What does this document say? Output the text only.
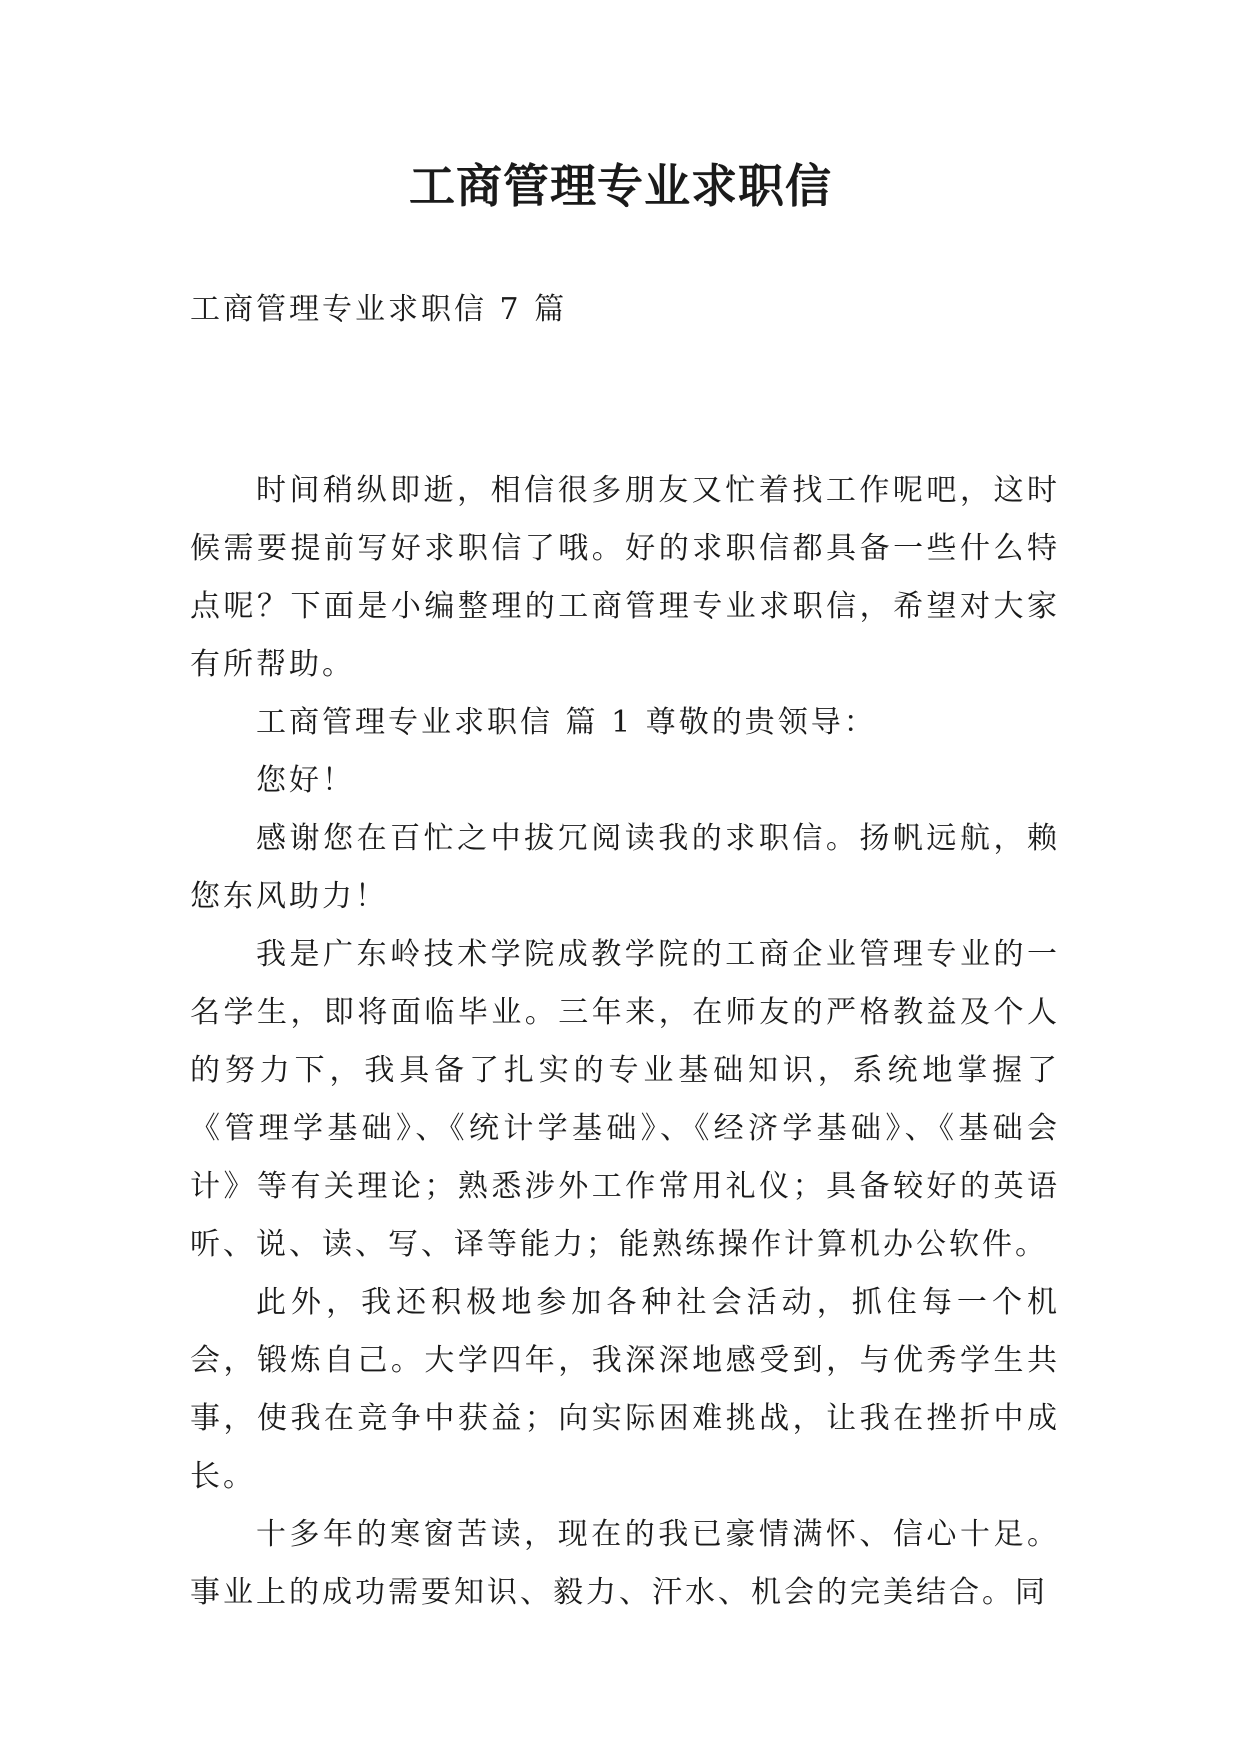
工商管理专业求职信

工商管理专业求职信 7 篇

时间稍纵即逝，相信很多朋友又忙着找工作呢吧，这时候需要提前写好求职信了哦。好的求职信都具备一些什么特点呢？下面是小编整理的工商管理专业求职信，希望对大家有所帮助。

工商管理专业求职信 篇 1 尊敬的贵领导：

您好！

感谢您在百忙之中拔冗阅读我的求职信。扬帆远航，赖您东风助力！

我是广东岭技术学院成教学院的工商企业管理专业的一名学生，即将面临毕业。三年来，在师友的严格教益及个人的努力下，我具备了扎实的专业基础知识，系统地掌握了《管理学基础》、《统计学基础》、《经济学基础》、《基础会计》等有关理论；熟悉涉外工作常用礼仪；具备较好的英语听、说、读、写、译等能力；能熟练操作计算机办公软件。

此外，我还积极地参加各种社会活动，抓住每一个机会，锻炼自己。大学四年，我深深地感受到，与优秀学生共事，使我在竞争中获益；向实际困难挑战，让我在挫折中成长。

十多年的寒窗苦读，现在的我已豪情满怀、信心十足。事业上的成功需要知识、毅力、汗水、机会的完美结合。同
